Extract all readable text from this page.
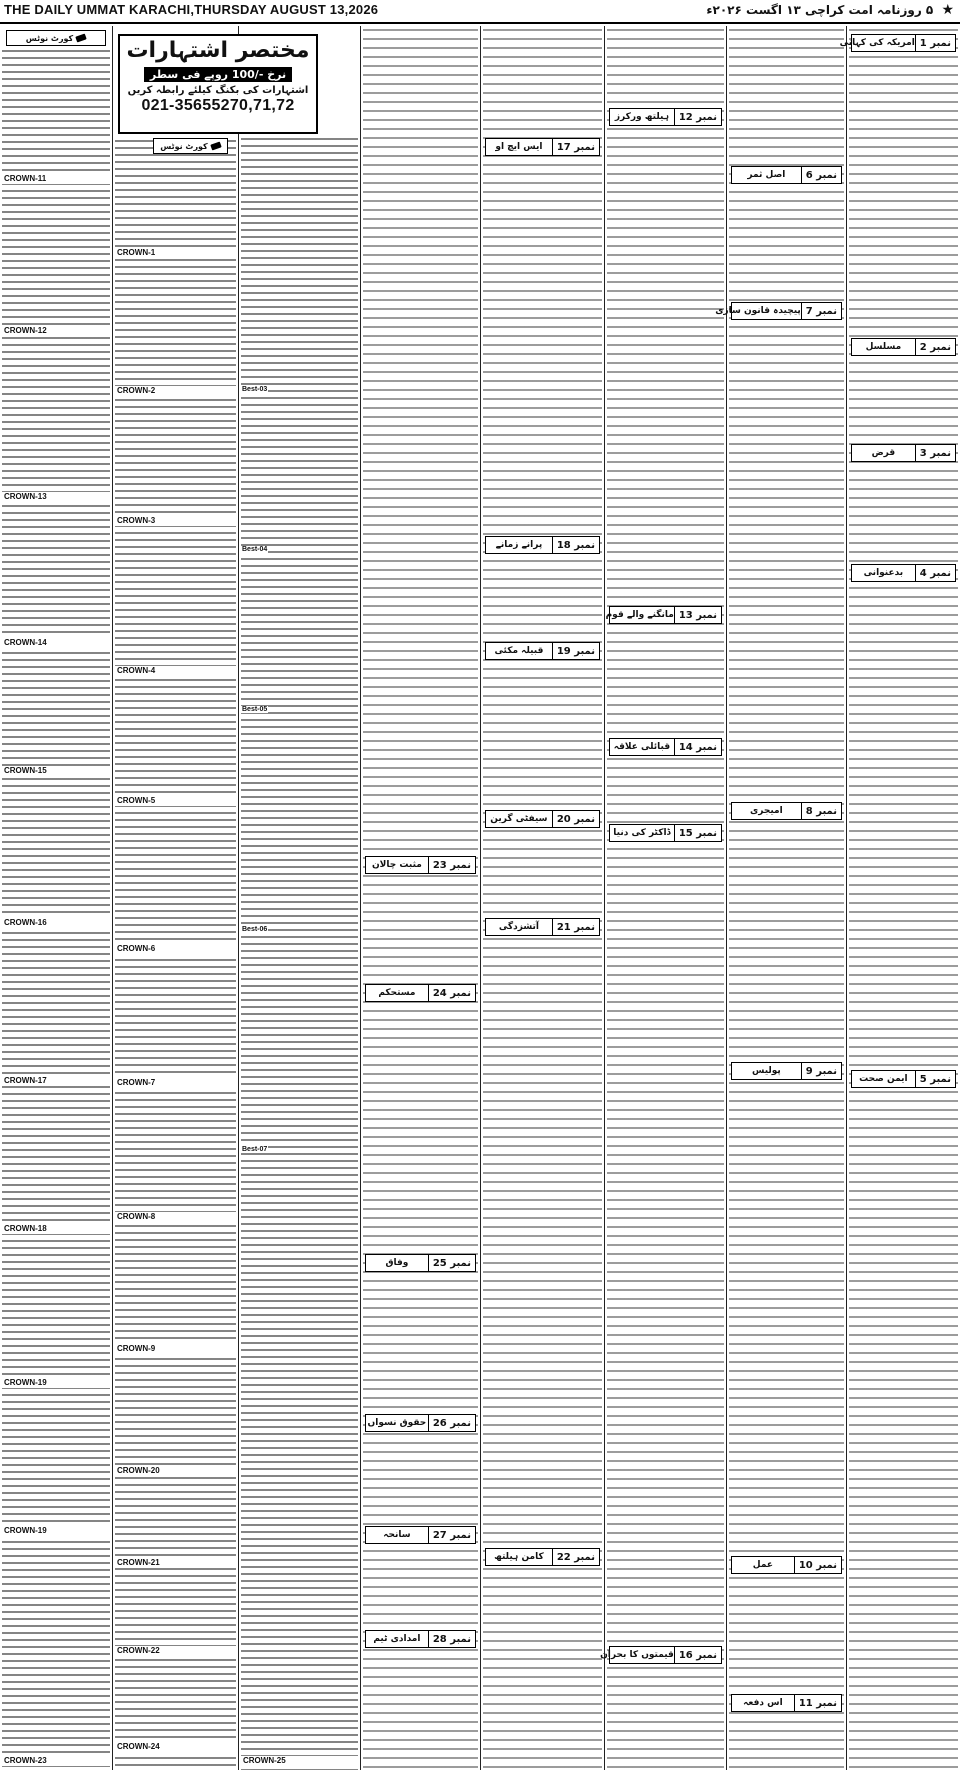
THE DAILY UMMAT KARACHI,THURSDAY AUGUST 13,2026	★ ۵ روزنامہ امت کراچی ۱۳ اگست ۲۰۲۶ء
کورٹ نوٹس
CROWN-11
CROWN-12
CROWN-13
CROWN-14
CROWN-15
CROWN-16
CROWN-17
CROWN-18
CROWN-19
CROWN-19
CROWN-23
کورٹ نوٹس
CROWN-1
CROWN-2
CROWN-3
CROWN-4
CROWN-5
CROWN-6
CROWN-7
CROWN-8
CROWN-9
CROWN-20
CROWN-21
CROWN-22
CROWN-24
مختصر اشتہارات
نرخ -/100 روپے فی سطر
اشتہارات کی بکنگ کیلئے رابطہ کریں
021-35655270,71,72
Best-03
Best-04
Best-05
Best-06
Best-07
CROWN-25
نمبر 23
مثبت چالان
نمبر 24
مستحکم
نمبر 25
وفاق
نمبر 26
حقوق نسواں
نمبر 27
سانحہ
نمبر 28
امدادی ٹیم
نمبر 17
ایس ایچ او
نمبر 18
پرانے زمانے
نمبر 19
قبیلہ مکئی
نمبر 20
سیفٹی گرین
نمبر 21
آتشزدگی
نمبر 22
کامن ہیلتھ
نمبر 12
ہیلتھ ورکرز
نمبر 13
مانگنے والے قوم
نمبر 14
قبائلی علاقہ
نمبر 15
ڈاکٹر کی دنیا
نمبر 16
قیمتوں کا بحران
نمبر 6
اصل ثمر
نمبر 7
پیچیدہ قانون سازی
نمبر 8
امیجری
نمبر 9
پولیس
نمبر 10
عمل
نمبر 11
اس دفعہ
نمبر 1
امریکہ کی کہانی
نمبر 2
مسلسل
نمبر 3
قرض
نمبر 4
بدعنوانی
نمبر 5
ایمن صحت
